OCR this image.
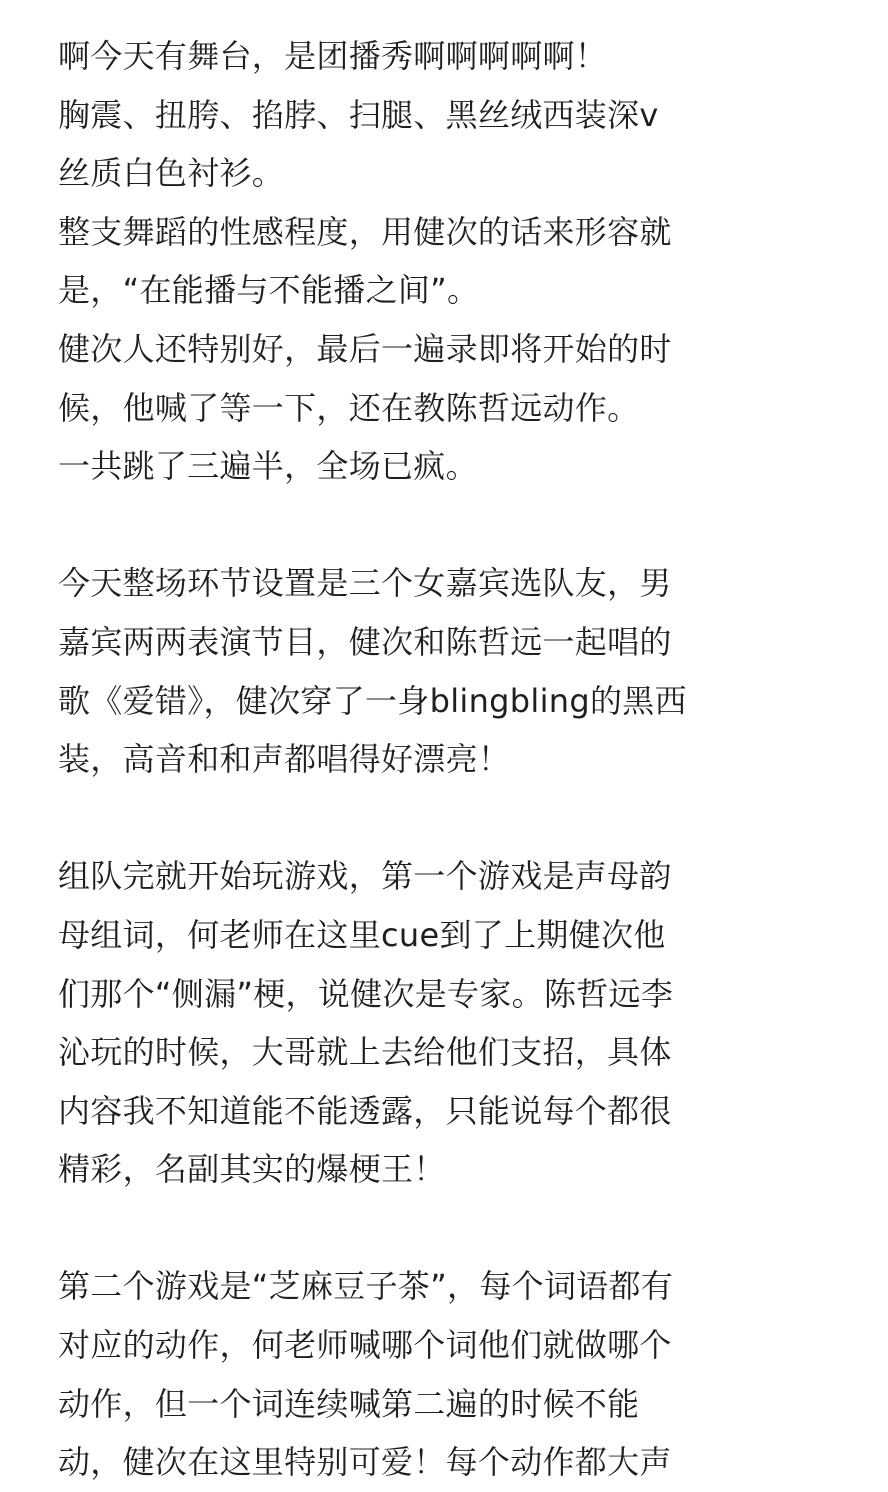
啊今天有舞台，是团播秀啊啊啊啊啊！
胸震、扭胯、掐脖、扫腿、黑丝绒西装深v
丝质白色衬衫。
整支舞蹈的性感程度，用健次的话来形容就
是，“在能播与不能播之间”。
健次人还特别好，最后一遍录即将开始的时
候，他喊了等一下，还在教陈哲远动作。
一共跳了三遍半，全场已疯。
今天整场环节设置是三个女嘉宾选队友，男
嘉宾两两表演节目，健次和陈哲远一起唱的
歌《爱错》，健次穿了一身blingbling的黑西
装，高音和和声都唱得好漂亮！
组队完就开始玩游戏，第一个游戏是声母韵
母组词，何老师在这里cue到了上期健次他
们那个“侧漏”梗，说健次是专家。陈哲远李
沁玩的时候，大哥就上去给他们支招，具体
内容我不知道能不能透露，只能说每个都很
精彩，名副其实的爆梗王！
第二个游戏是“芝麻豆子茶”，每个词语都有
对应的动作，何老师喊哪个词他们就做哪个
动作，但一个词连续喊第二遍的时候不能
动，健次在这里特别可爱！每个动作都大声
